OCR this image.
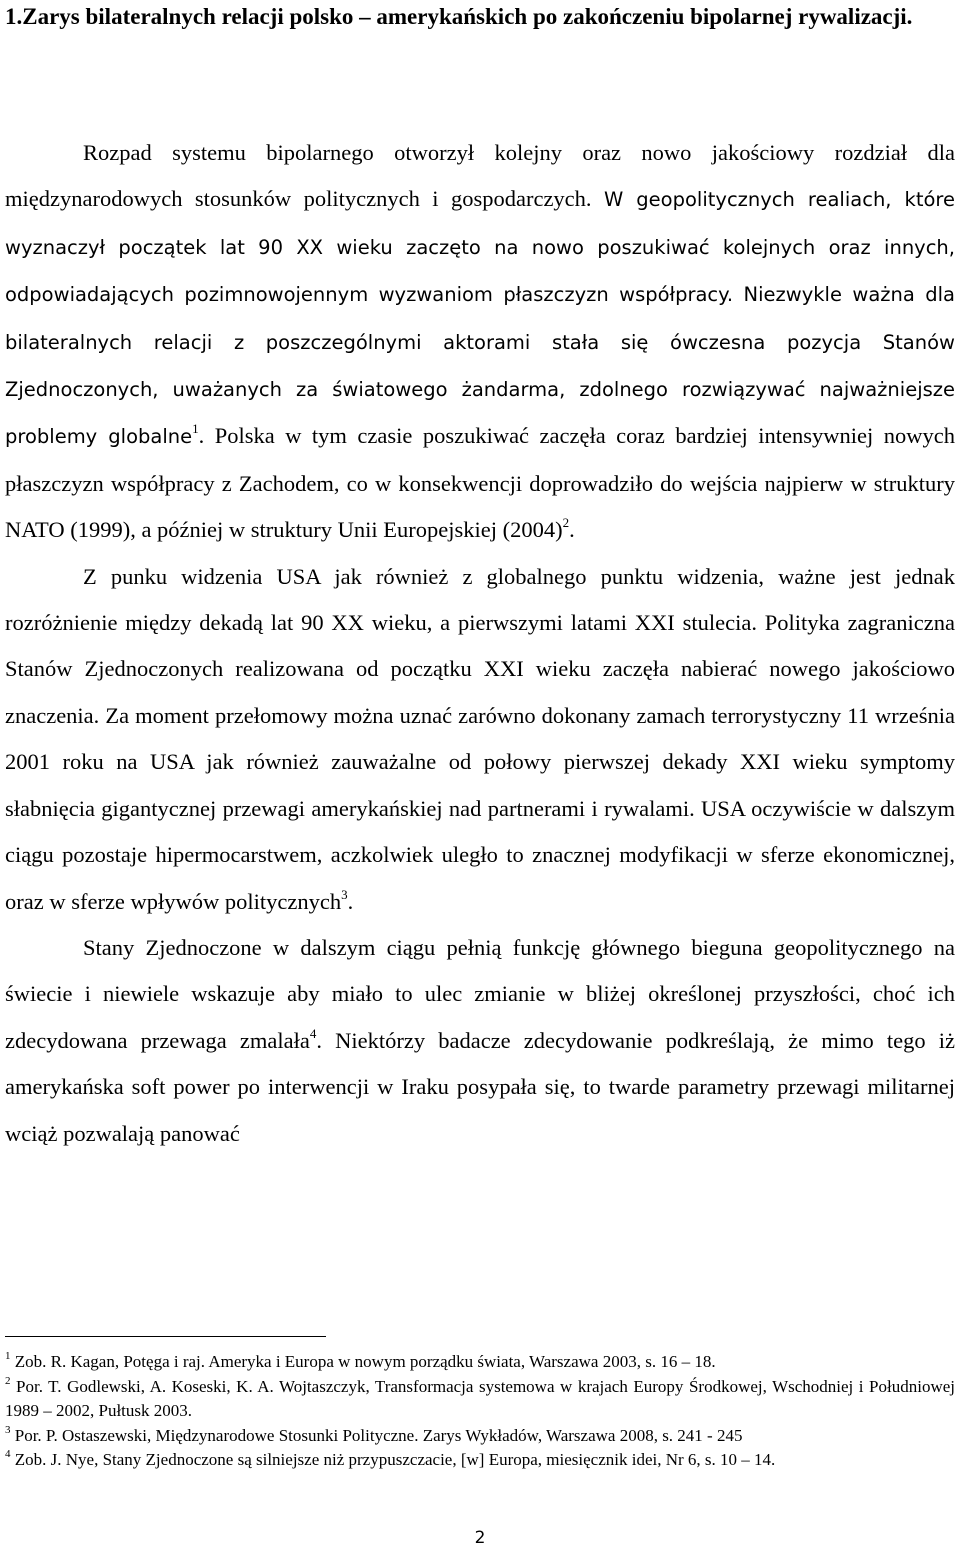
1.Zarys bilateralnych relacji polsko – amerykańskich po zakończeniu bipolarnej rywalizacji.

Rozpad systemu bipolarnego otworzył kolejny oraz nowo jakościowy rozdział dla międzynarodowych stosunków politycznych i gospodarczych. W geopolitycznych realiach, które wyznaczył początek lat 90 XX wieku zaczęto na nowo poszukiwać kolejnych oraz innych, odpowiadających pozimnowojennym wyzwaniom płaszczyzn współpracy. Niezwykle ważna dla bilateralnych relacji z poszczególnymi aktorami stała się ówczesna pozycja Stanów Zjednoczonych, uważanych za światowego żandarma, zdolnego rozwiązywać najważniejsze problemy globalne$^1$. Polska w tym czasie poszukiwać zaczęła coraz bardziej intensywniej nowych płaszczyzn współpracy z Zachodem, co w konsekwencji doprowadziło do wejścia najpierw w struktury NATO (1999), a później w struktury Unii Europejskiej $(2004)^2$.

Z punku widzenia USA jak również z globalnego punktu widzenia, ważne jest jednak rozróżnienie między dekadą lat 90 XX wieku, a pierwszymi latami XXI stulecia. Polityka zagraniczna Stanów Zjednoczonych realizowana od początku XXI wieku zaczęła nabierać nowego jakościowo znaczenia. Za moment przełomowy można uznać zarówno dokonany zamach terrorystyczny 11 września 2001 roku na USA jak również zauważalne od połowy pierwszej dekady XXI wieku symptomy słabnięcia gigantycznej przewagi amerykańskiej nad partnerami i rywalami. USA oczywiście w dalszym ciągu pozostaje hipermocarstwem, aczkolwiek uległo to znacznej modyfikacji w sferze ekonomicznej, oraz w sferze wpływów politycznych$^3$.

Stany Zjednoczone w dalszym ciągu pełnią funkcję głównego bieguna geopolitycznego na świecie i niewiele wskazuje aby miało to ulec zmianie w bliżej określonej przyszłości, choć ich zdecydowana przewaga zmalała$^4$. Niektórzy badacze zdecydowanie podkreślają, że mimo tego iż amerykańska soft power po interwencji w Iraku posypała się, to twarde parametry przewagi militarnej wciąż pozwalają panować

$^1$ Zob. R. Kagan, Potęga i raj. Ameryka i Europa w nowym porządku świata, Warszawa 2003, s. 16 – 18.
$^2$ Por. T. Godlewski, A. Koseski, K. A. Wojtaszczyk, Transformacja systemowa w krajach Europy Środkowej, Wschodniej i Południowej 1989 – 2002, Pułtusk 2003.
$^3$ Por. P. Ostaszewski, Międzynarodowe Stosunki Polityczne. Zarys Wykładów, Warszawa 2008, s. 241 - 245
$^4$ Zob. J. Nye, Stany Zjednoczone są silniejsze niż przypuszczacie, [w] Europa, miesięcznik idei, Nr 6, s. 10 – 14.
2
